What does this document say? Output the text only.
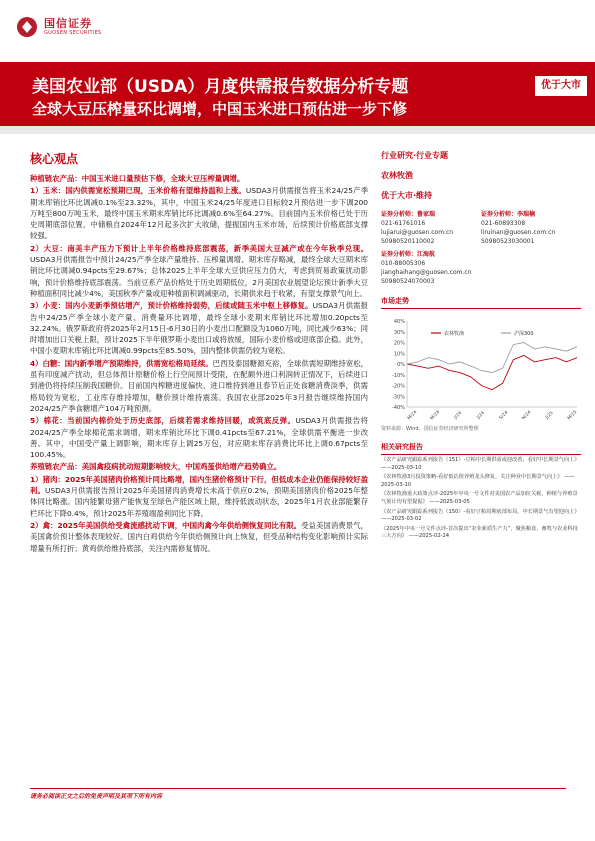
国信证券
GUOSEN SECURITIES
美国农业部（USDA）月度供需报告数据分析专题
全球大豆压榨量环比调增，中国玉米进口预估进一步下修
优于大市
核心观点
种植链农产品：中国玉米进口量预估下修，全球大豆压榨量调增。
1）玉米：国内供需宽松预期已现，玉米价格有望维持温和上涨。USDA3月供需报告将玉米24/25产季期末库销比环比调减0.1%至23.32%，其中，中国玉米24/25年度进口目标较2月预估进一步下调200万吨至800万吨玉米，最终中国玉米期末库销比环比调减0.6%至64.27%。目前国内玉米价格已处于历史周期底部位置，中储粮自2024年12月起多次扩大收储，提振国内玉米市场，后续预计价格底部支撑较强。
2）大豆：南美丰产压力下预计上半年价格维持底部震荡，新季美国大豆减产或在今年秋季兑现。USDA3月供需报告中预计24/25产季全球产量维持、压榨量调增、期末库存略减，最终全球大豆期末库销比环比调减0.94pcts至29.67%；总体2025上半年全球大豆供应压力仍大，考虑到贸易政策扰动影响，预计价格维持底部震荡。当前豆系产品价格处于历史周期低位，2月美国农业展望论坛预计新季大豆种植面积同比减少4%，美国秋季产量或迎种植面积调减驱动，长期供求趋于收紧，有望支撑景气向上。
3）小麦：国内小麦新季预估增产，预计价格维持弱势，后续或随玉米中枢上移修复。USDA3月供需报告中24/25产季全球小麦产量、消费量环比调增，最终全球小麦期末库销比环比增加0.20pcts至32.24%。俄罗斯政府将2025年2月15日-6月30日的小麦出口配额设为1060万吨，同比减少63%；同时增加出口关税上限，预计2025下半年俄罗斯小麦出口或将放缓，国际小麦价格或迎底部企稳。此外，中国小麦期末库销比环比调减0.99pcts至85.50%，国内整体供需仍较为宽松。
4）白糖：国内新季增产预期维持，供需宽松格局延续。巴西及泰国糖源充裕，全球供需短期维持宽松，虽有印度减产扰动，但总体预计原糖价格上行空间预计受限，在配额外进口利润转正情况下，后续进口到港仍将持续压制我国糖价。目前国内榨糖进度偏快、进口维持到港且春节后正处食糖消费淡季，供需格局较为宽松，工业库存维持增加，糖价预计维持震荡。我国农业部2025年3月报告继续维持国内2024/25产季食糖增产104万吨预测。
5）棉花：当前国内棉价处于历史底部，后续若需求维持回暖，或筑底反弹。USDA3月供需报告将2024/25产季全球棉花需求调增，期末库销比环比下调0.41pcts至67.21%，全球供需平衡进一步改善。其中，中国受产量上调影响，期末库存上调25万包，对应期末库存消费比环比上调0.67pcts至100.45%。
养殖链农产品：美国禽疫病扰动短期影响较大，中国鸡蛋供给增产趋势确立。
1）猪肉：2025年美国猪肉价格预计同比略增，国内生猪价格预计下行，但低成本企业仍能保持较好盈利。USDA3月供需报告预计2025年美国猪肉消费增长未高于供应0.2%，预期美国猪肉价格2025年整体同比略涨。国内能繁母猪产能恢复至绿色产能区域上限，维持低波动状态，2025年1月农业部能繁存栏环比下降0.4%，预计2025年养殖端盈利同比下降。
2）禽：2025年美国供给受禽流感扰动下调，中国肉禽今年供给侧恢复同比有限。受益美国消费景气，美国禽价预计整体表现较好。国内白鸡供给今年供给侧预计向上恢复，但受品种结构变化影响预计实际增量有所打折；黄鸡供给维持底部，关注内需修复情况。
行业研究·行业专题
农林牧渔
优于大市·维持
证券分析师：鲁家瑞
021-61761016
lujiarui@guosen.com.cn
S0980520110002
证券分析师：李瑞楠
021-60893308
liruinan@guosen.com.cn
S0980523030001
证券分析师：江海航
010-88005306
jianghaihang@guosen.com.cn
S0980524070003
市场走势
40%
30%
20%
10%
0%
-10%
-20%
-30%
-40%
M/24	M/24	J/24	J/24	S/24	N/24	J/25	M/25
农林牧渔	沪深300
资料来源：Wind、国信证券经济研究所整理
相关研究报告
《农产品研究跟踪系列报告（151）-豆粕中长期供需或迎改善，看好中长期景气向上》 ——2025-03-10
《农林牧渔3月投资策略-看好低估值养殖龙头修复，关注种业中长期景气向上》 ——2025-03-10
《农林牧渔重大政策点评-2025年中央一号文件对美国农产品加征关税，种植与养殖景气预计均有望提振》 ——2025-03-05
《农产品研究跟踪系列报告（150）-看好豆粕周期底部布局，中长期景气有望迎向上》 ——2025-03-02
《2025年中央一号文件点评-首次提出“农业新质生产力”，聚焦粮食、畜牧与农业科技三大方向》 ——2025-02-24
请务必阅读正文之后的免责声明及其项下所有内容
